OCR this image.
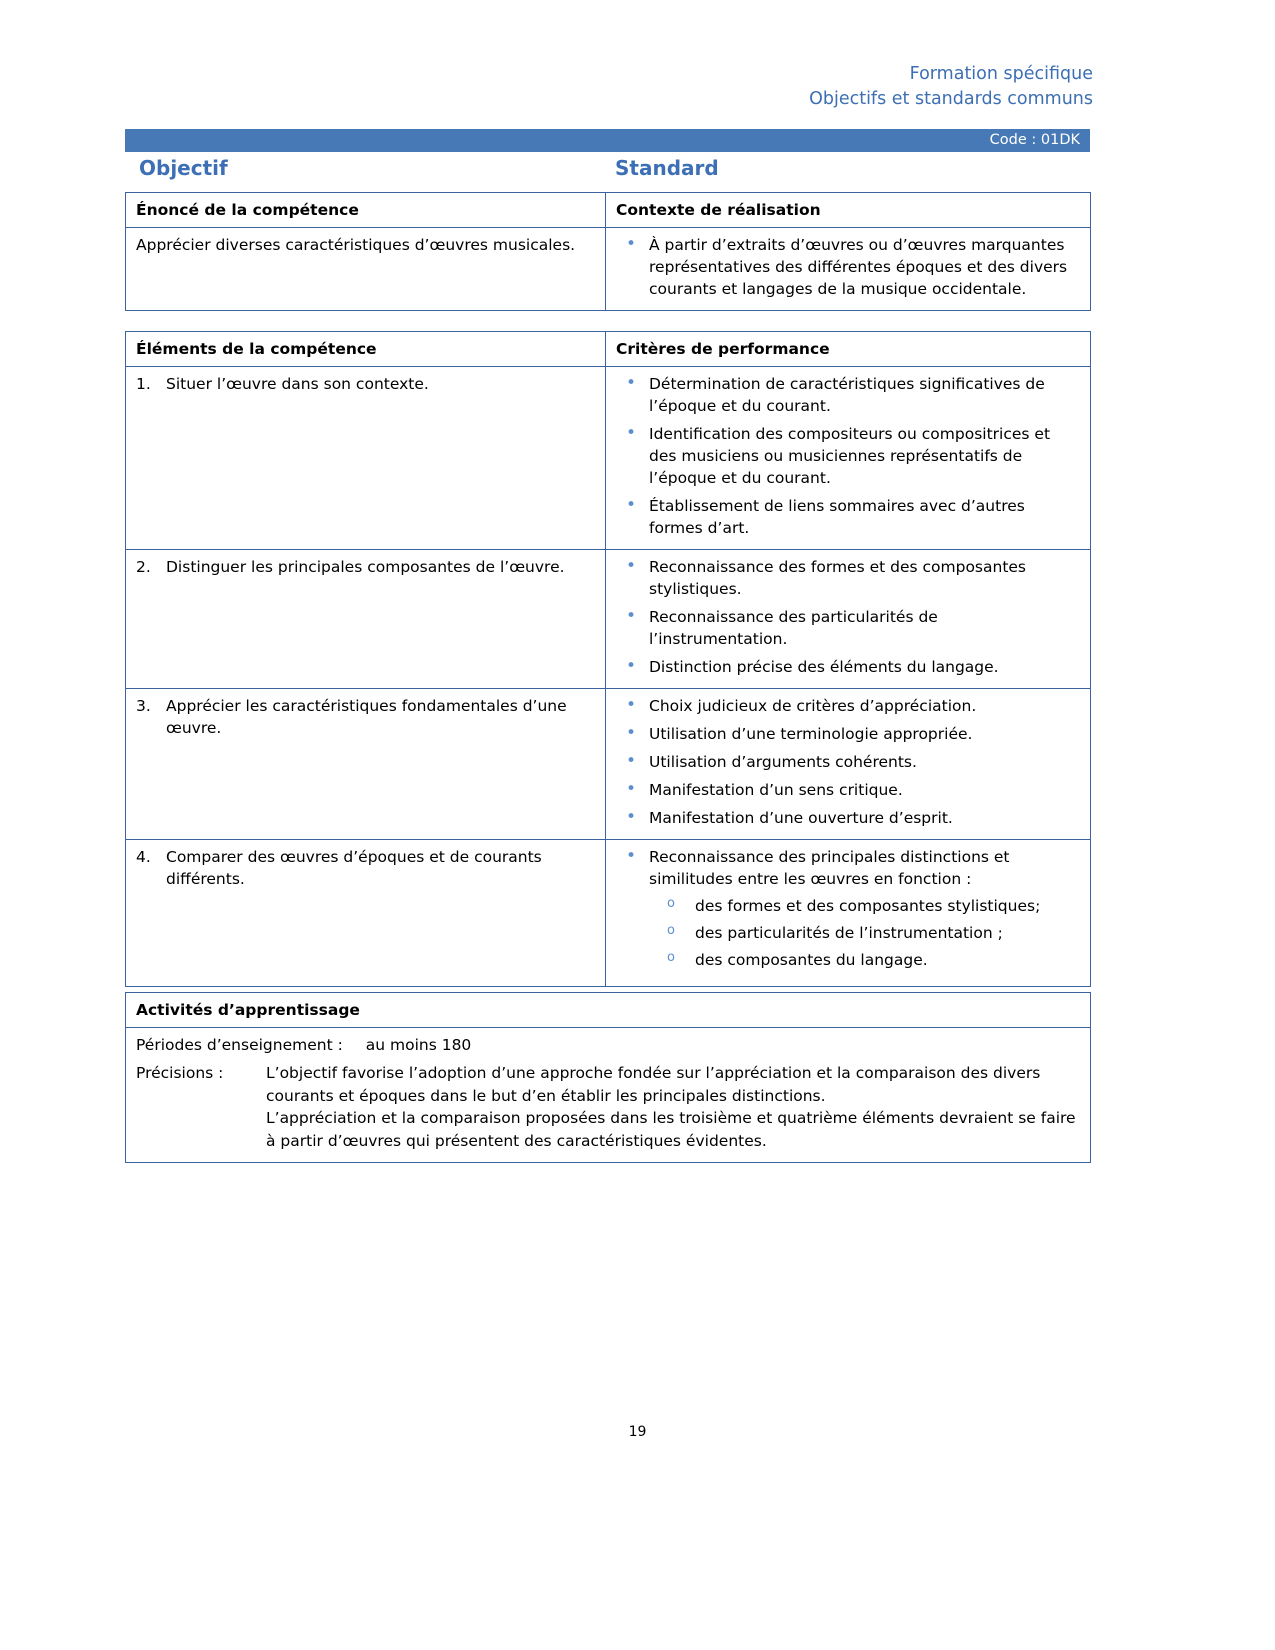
Formation spécifique
Objectifs et standards communs
Code : 01DK
Objectif	Standard
Énoncé de la compétence	Contexte de réalisation
Apprécier diverses caractéristiques d’œuvres musicales.	
•À partir d’extraits d’œuvres ou d’œuvres marquantes représentatives des différentes époques et des divers courants et langages de la musique occidentale.
Éléments de la compétence	Critères de performance

1. Situer l’œuvre dans son contexte.

•Détermination de caractéristiques significatives de l’époque et du courant.
• Identification des compositeurs ou compositrices et des musiciens ou musiciennes représentatifs de l’époque et du courant.
• Établissement de liens sommaires avec d’autres formes d’art.

2. Distinguer les principales composantes de l’œuvre.

•Reconnaissance des formes et des composantes stylistiques.
• Reconnaissance des particularités de l’instrumentation.
• Distinction précise des éléments du langage.

3. Apprécier les caractéristiques fondamentales d’une œuvre.

• Choix judicieux de critères d’appréciation.
• Utilisation d’une terminologie appropriée.
• Utilisation d’arguments cohérents.
• Manifestation d’un sens critique.
• Manifestation d’une ouverture d’esprit.

4. Comparer des œuvres d’époques et de courants différents.

• Reconnaissance des principales distinctions et similitudes entre les œuvres en fonction :
o des formes et des composantes stylistiques;
o des particularités de l’instrumentation ;
o des composantes du langage.
Activités d’apprentissage

Périodes d’enseignement : au moins 180
Précisions :	L’objectif favorise l’adoption d’une approche fondée sur l’appréciation et la comparaison des divers courants et époques dans le but d’en établir les principales distinctions.

L’appréciation et la comparaison proposées dans les troisième et quatrième éléments devraient se faire à partir d’œuvres qui présentent des caractéristiques évidentes.

19
